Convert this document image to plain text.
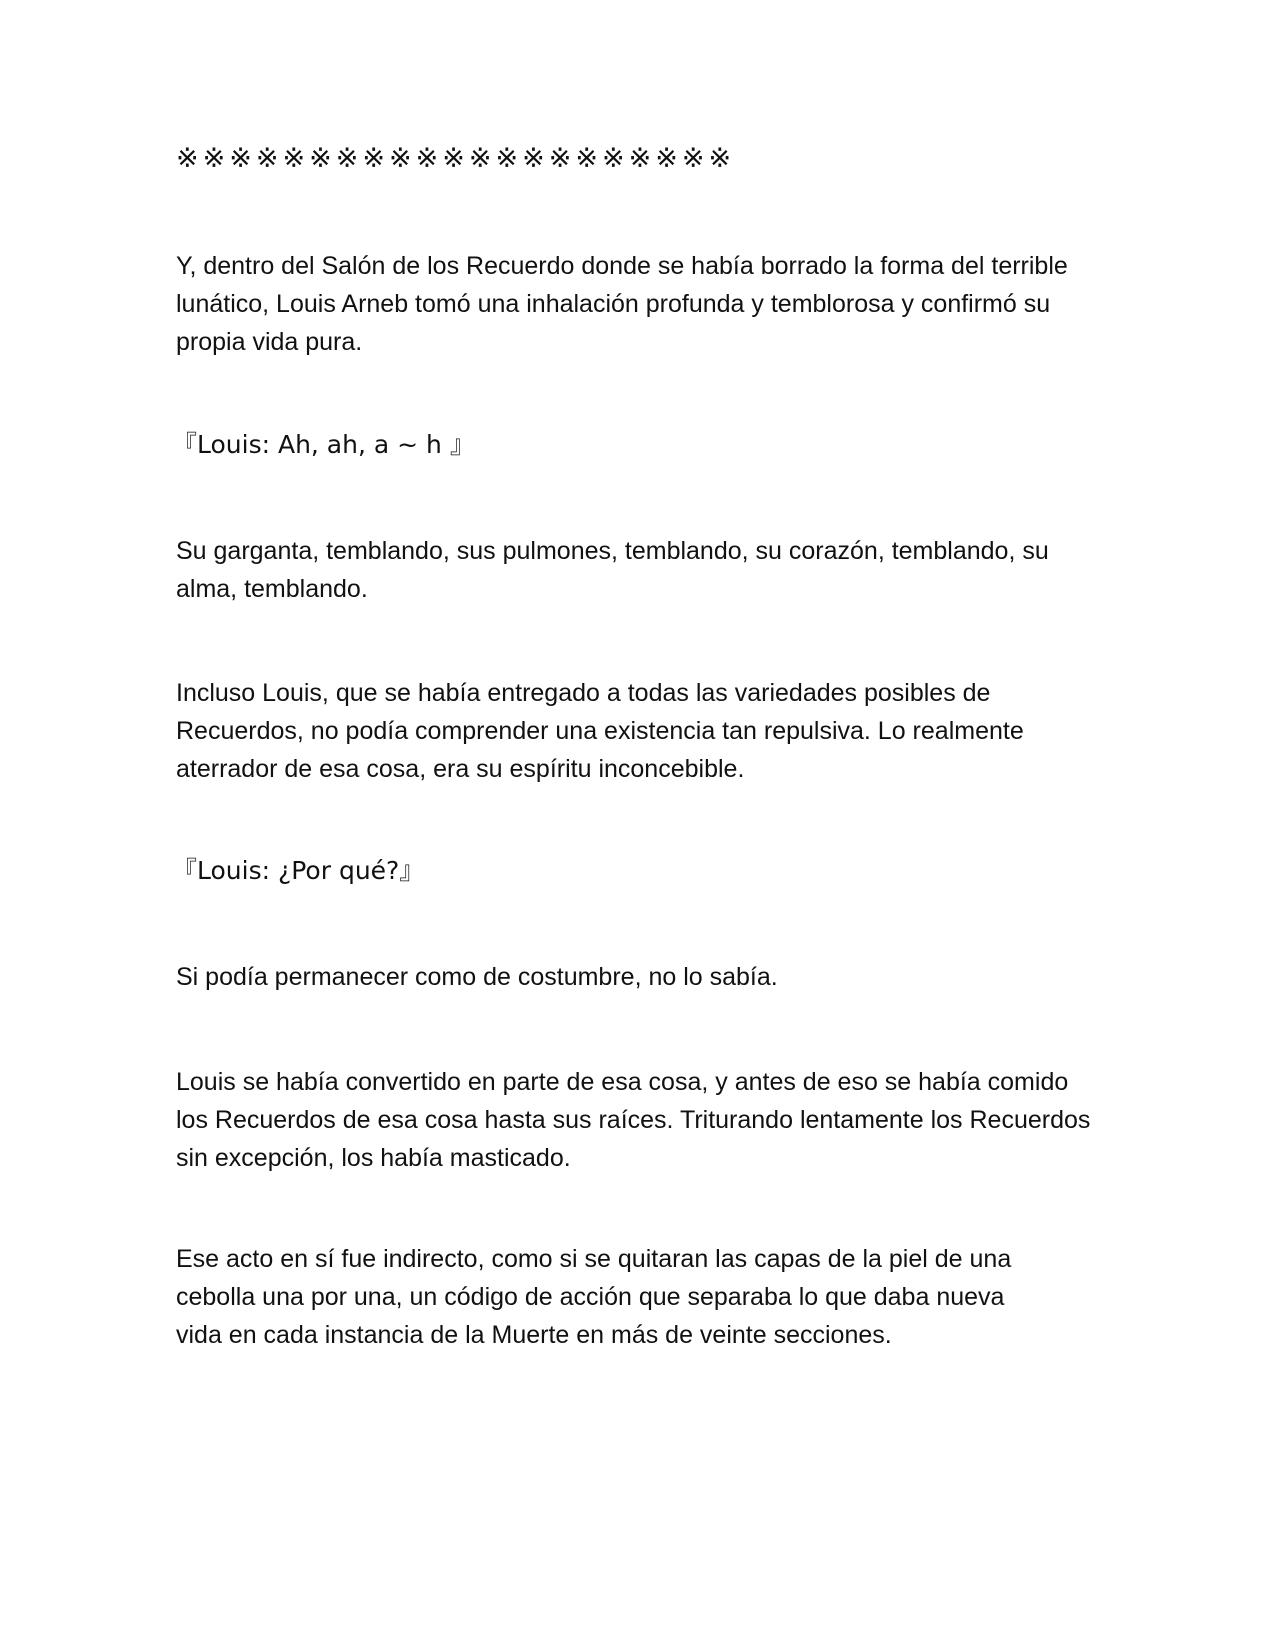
※※※※※※※※※※※※※※※※※※※※※

Y, dentro del Salón de los Recuerdo donde se había borrado la forma del terrible lunático, Louis Arneb tomó una inhalación profunda y temblorosa y confirmó su propia vida pura.

『Louis: Ah, ah, a ~ h 』

Su garganta, temblando, sus pulmones, temblando, su corazón, temblando, su alma, temblando.

Incluso Louis, que se había entregado a todas las variedades posibles de Recuerdos, no podía comprender una existencia tan repulsiva. Lo realmente aterrador de esa cosa, era su espíritu inconcebible.

『Louis: ¿Por qué?』

Si podía permanecer como de costumbre, no lo sabía.

Louis se había convertido en parte de esa cosa, y antes de eso se había comido los Recuerdos de esa cosa hasta sus raíces. Triturando lentamente los Recuerdos sin excepción, los había masticado.

Ese acto en sí fue indirecto, como si se quitaran las capas de la piel de una cebolla una por una, un código de acción que separaba lo que daba nueva vida en cada instancia de la Muerte en más de veinte secciones.
